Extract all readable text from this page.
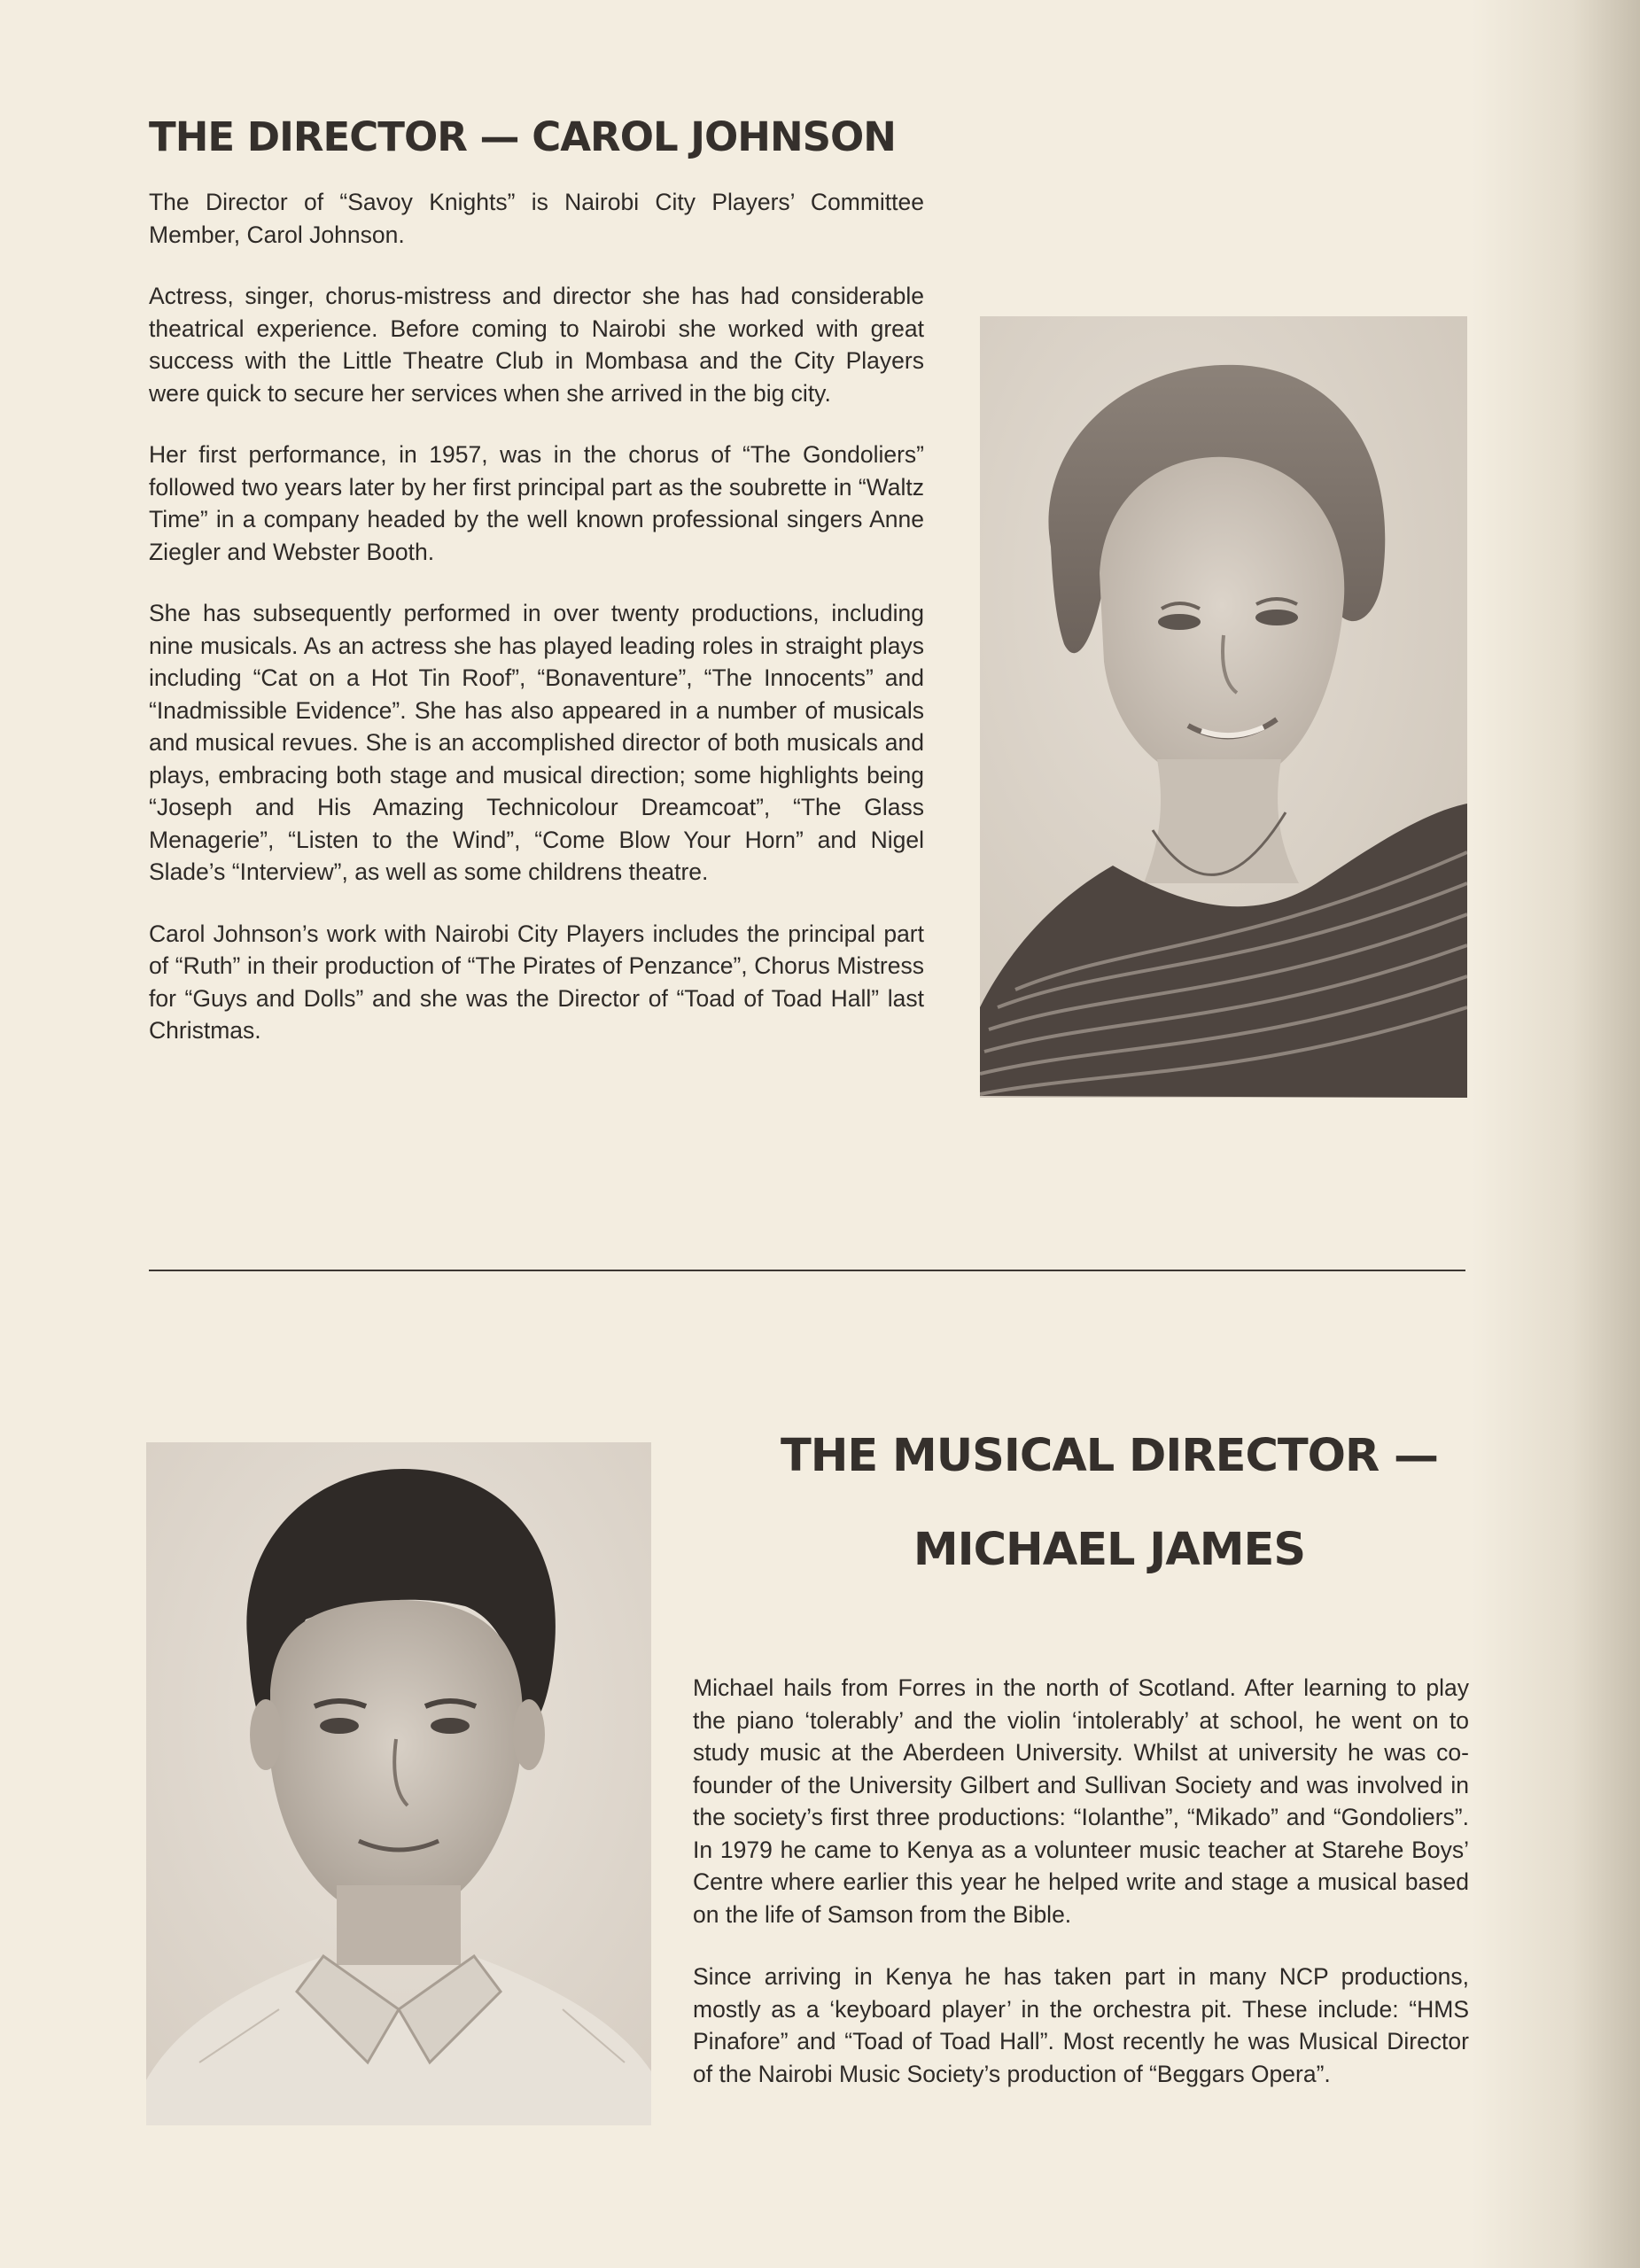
THE DIRECTOR — CAROL JOHNSON

The Director of “Savoy Knights” is Nairobi City Players’ Committee Member, Carol Johnson.

Actress, singer, chorus-mistress and director she has had considerable theatrical experience. Before coming to Nairobi she worked with great success with the Little Theatre Club in Mombasa and the City Players were quick to secure her services when she arrived in the big city.

Her first performance, in 1957, was in the chorus of “The Gondoliers” followed two years later by her first principal part as the soubrette in “Waltz Time” in a company headed by the well known professional singers Anne Ziegler and Webster Booth.

She has subsequently performed in over twenty productions, including nine musicals. As an actress she has played leading roles in straight plays including “Cat on a Hot Tin Roof”, “Bonaventure”, “The Innocents” and “Inadmissible Evidence”. She has also appeared in a number of musicals and musical revues. She is an accomplished director of both musicals and plays, embracing both stage and musical direction; some highlights being “Joseph and His Amazing Technicolour Dreamcoat”, “The Glass Menagerie”, “Listen to the Wind”, “Come Blow Your Horn” and Nigel Slade’s “Interview”, as well as some childrens theatre.

Carol Johnson’s work with Nairobi City Players includes the principal part of “Ruth” in their production of “The Pirates of Penzance”, Chorus Mistress for “Guys and Dolls” and she was the Director of “Toad of Toad Hall” last Christmas.

THE MUSICAL DIRECTOR —
MICHAEL JAMES

Michael hails from Forres in the north of Scotland. After learning to play the piano ‘tolerably’ and the violin ‘intolerably’ at school, he went on to study music at the Aberdeen University. Whilst at university he was co-founder of the University Gilbert and Sullivan Society and was involved in the society’s first three productions: “Iolanthe”, “Mikado” and “Gondoliers”. In 1979 he came to Kenya as a volunteer music teacher at Starehe Boys’ Centre where earlier this year he helped write and stage a musical based on the life of Samson from the Bible.

Since arriving in Kenya he has taken part in many NCP productions, mostly as a ‘keyboard player’ in the orchestra pit. These include: “HMS Pinafore” and “Toad of Toad Hall”. Most recently he was Musical Director of the Nairobi Music Society’s production of “Beggars Opera”.
